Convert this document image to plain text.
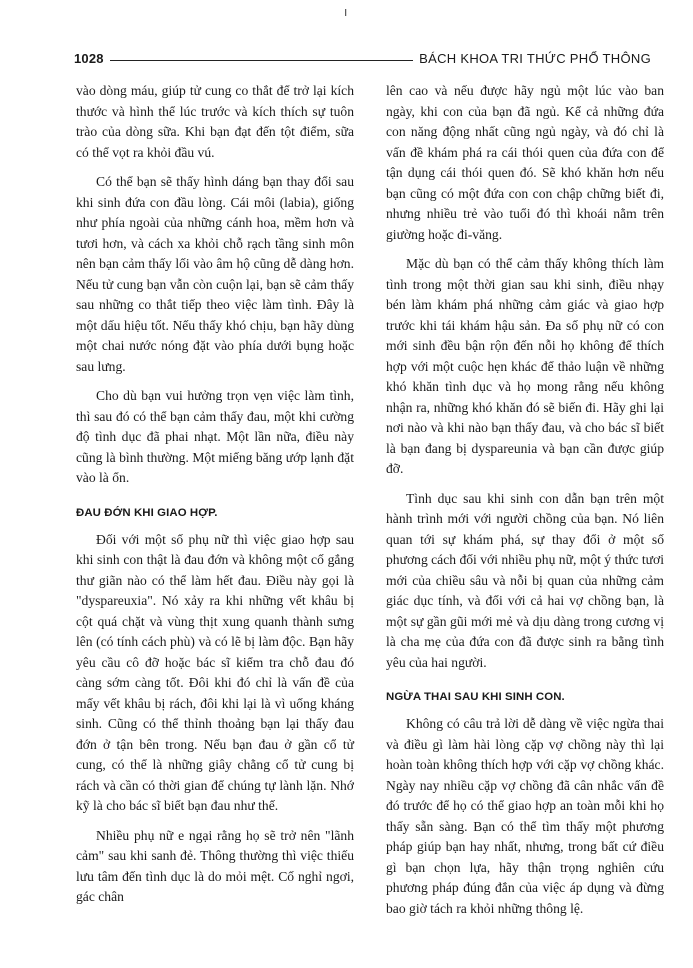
ı
1028	BÁCH KHOA TRI THỨC PHỔ THÔNG

vào dòng máu, giúp tử cung co thắt để trở lại kích thước và hình thể lúc trước và kích thích sự tuôn trào của dòng sữa. Khi bạn đạt đến tột điểm, sữa có thể vọt ra khỏi đầu vú.

Có thể bạn sẽ thấy hình dáng bạn thay đổi sau khi sinh đứa con đầu lòng. Cái môi (labia), giống như phía ngoài của những cánh hoa, mềm hơn và tươi hơn, và cách xa khỏi chỗ rạch tầng sinh môn nên bạn cảm thấy lối vào âm hộ cũng dễ dàng hơn. Nếu tử cung bạn vẫn còn cuộn lại, bạn sẽ cảm thấy sau những co thắt tiếp theo việc làm tình. Đây là một dấu hiệu tốt. Nếu thấy khó chịu, bạn hãy dùng một chai nước nóng đặt vào phía dưới bụng hoặc sau lưng.

Cho dù bạn vui hưởng trọn vẹn việc làm tình, thì sau đó có thể bạn cảm thấy đau, một khi cường độ tình dục đã phai nhạt. Một lần nữa, điều này cũng là bình thường. Một miếng băng ướp lạnh đặt vào là ổn.

ĐAU ĐỚN KHI GIAO HỢP.

Đối với một số phụ nữ thì việc giao hợp sau khi sinh con thật là đau đớn và không một cố gắng thư giãn nào có thể làm hết đau. Điều này gọi là "dyspareuxia". Nó xảy ra khi những vết khâu bị cột quá chặt và vùng thịt xung quanh thành sưng lên (có tính cách phù) và có lẽ bị làm độc. Bạn hãy yêu cầu cô đỡ hoặc bác sĩ kiểm tra chỗ đau đó càng sớm càng tốt. Đôi khi đó chỉ là vấn đề của mấy vết khâu bị rách, đôi khi lại là vì uống kháng sinh. Cũng có thể thỉnh thoảng bạn lại thấy đau đớn ở tận bên trong. Nếu bạn đau ở gần cổ tử cung, có thể là những giây chằng cổ tử cung bị rách và cần có thời gian để chúng tự lành lặn. Nhớ kỹ là cho bác sĩ biết bạn đau như thế.

Nhiều phụ nữ e ngại rằng họ sẽ trở nên "lãnh cảm" sau khi sanh đẻ. Thông thường thì việc thiếu lưu tâm đến tình dục là do mỏi mệt. Cố nghỉ ngơi, gác chân

lên cao và nếu được hãy ngủ một lúc vào ban ngày, khi con của bạn đã ngủ. Kể cả những đứa con năng động nhất cũng ngủ ngày, và đó chỉ là vấn đề khám phá ra cái thói quen của đứa con để tận dụng cái thói quen đó. Sẽ khó khăn hơn nếu bạn cũng có một đứa con con chập chững biết đi, nhưng nhiều trẻ vào tuổi đó thì khoái nằm trên giường hoặc đi-văng.

Mặc dù bạn có thể cảm thấy không thích làm tình trong một thời gian sau khi sinh, điều nhạy bén làm khám phá những cảm giác và giao hợp trước khi tái khám hậu sản. Đa số phụ nữ có con mới sinh đều bận rộn đến nỗi họ không để thích hợp với một cuộc hẹn khác để thảo luận về những khó khăn tình dục và họ mong rằng nếu không nhận ra, những khó khăn đó sẽ biến đi. Hãy ghi lại nơi nào và khi nào bạn thấy đau, và cho bác sĩ biết là bạn đang bị dyspareunia và bạn cần được giúp đỡ.

Tình dục sau khi sinh con dẫn bạn trên một hành trình mới với người chồng của bạn. Nó liên quan tới sự khám phá, sự thay đổi ở một số phương cách đối với nhiều phụ nữ, một ý thức tươi mới của chiều sâu và nỗi bị quan của những cảm giác dục tính, và đối với cả hai vợ chồng bạn, là một sự gần gũi mới mẻ và dịu dàng trong cương vị là cha mẹ của đứa con đã được sinh ra bằng tình yêu của hai người.

NGỪA THAI SAU KHI SINH CON.

Không có câu trả lời dễ dàng về việc ngừa thai và điều gì làm hài lòng cặp vợ chồng này thì lại hoàn toàn không thích hợp với cặp vợ chồng khác. Ngày nay nhiều cặp vợ chồng đã cân nhắc vấn đề đó trước để họ có thể giao hợp an toàn mỗi khi họ thấy sẵn sàng. Bạn có thể tìm thấy một phương pháp giúp bạn hay nhất, nhưng, trong bất cứ điều gì bạn chọn lựa, hãy thận trọng nghiên cứu phương pháp đúng đắn của việc áp dụng và đừng bao giờ tách ra khỏi những thông lệ.
